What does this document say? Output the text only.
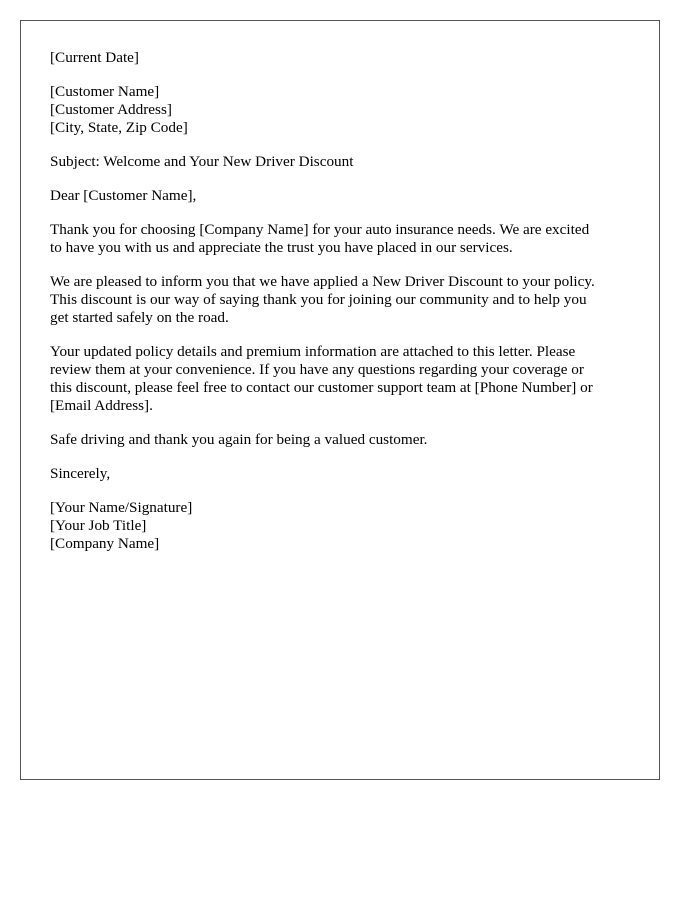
[Current Date]

[Customer Name]

[Customer Address]

[City, State, Zip Code]

Subject: Welcome and Your New Driver Discount

Dear [Customer Name],

Thank you for choosing [Company Name] for your auto insurance needs. We are excited

to have you with us and appreciate the trust you have placed in our services.

We are pleased to inform you that we have applied a New Driver Discount to your policy.

This discount is our way of saying thank you for joining our community and to help you

get started safely on the road.

Your updated policy details and premium information are attached to this letter. Please

review them at your convenience. If you have any questions regarding your coverage or

this discount, please feel free to contact our customer support team at [Phone Number] or

[Email Address].

Safe driving and thank you again for being a valued customer.

Sincerely,

[Your Name/Signature]

[Your Job Title]

[Company Name]
